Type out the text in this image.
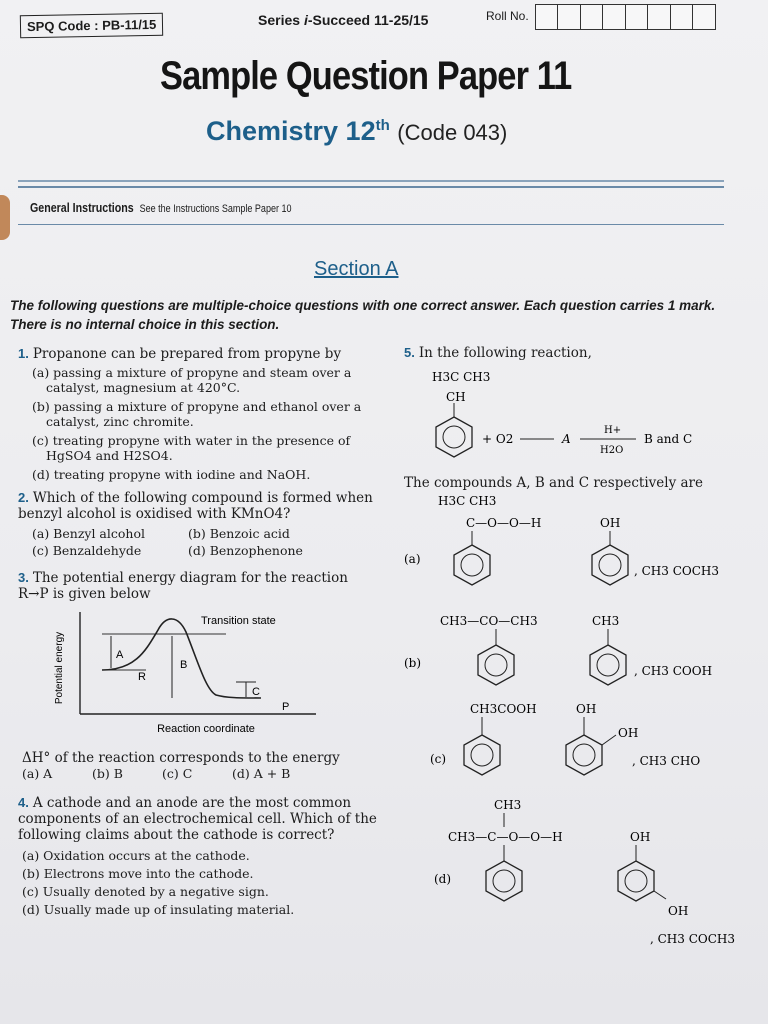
SPQ Code : PB-11/15	Series i-Succeed 11-25/15	Roll No.
Sample Question Paper 11
Chemistry 12th (Code 043)
General Instructions See the Instructions Sample Paper 10
Section A
The following questions are multiple-choice questions with one correct answer. Each question carries 1 mark. There is no internal choice in this section.
1. Propanone can be prepared from propyne by
(a) passing a mixture of propyne and steam over a catalyst, magnesium at 420°C.
(b) passing a mixture of propyne and ethanol over a catalyst, zinc chromite.
(c) treating propyne with water in the presence of HgSO4 and H2SO4.
(d) treating propyne with iodine and NaOH.
2. Which of the following compound is formed when benzyl alcohol is oxidised with KMnO4?
(a) Benzyl alcohol	(b) Benzoic acid
(c) Benzaldehyde	(d) Benzophenone
3. The potential energy diagram for the reaction R→P is given below
Potential energy	A
B
C
R
P
Transition state
Reaction coordinate
ΔH° of the reaction corresponds to the energy
(a) A	(b) B	(c) C	(d) A + B
4. A cathode and an anode are the most common components of an electrochemical cell. Which of the following claims about the cathode is correct?
(a) Oxidation occurs at the cathode.
(b) Electrons move into the cathode.
(c) Usually denoted by a negative sign.
(d) Usually made up of insulating material.
5. In the following reaction,
H3C CH3
CH
+ O2	A
H+
H2O
B and C
The compounds A, B and C respectively are
(a)
H3C CH3
C—O—O—H	OH
, CH3 COCH3
(b)
CH3—CO—CH3	CH3
, CH3 COOH
(c)
CH3COOH	OH
OH
, CH3 CHO
(d)
CH3
CH3—C—O—O—H	OH
OH
, CH3 COCH3
